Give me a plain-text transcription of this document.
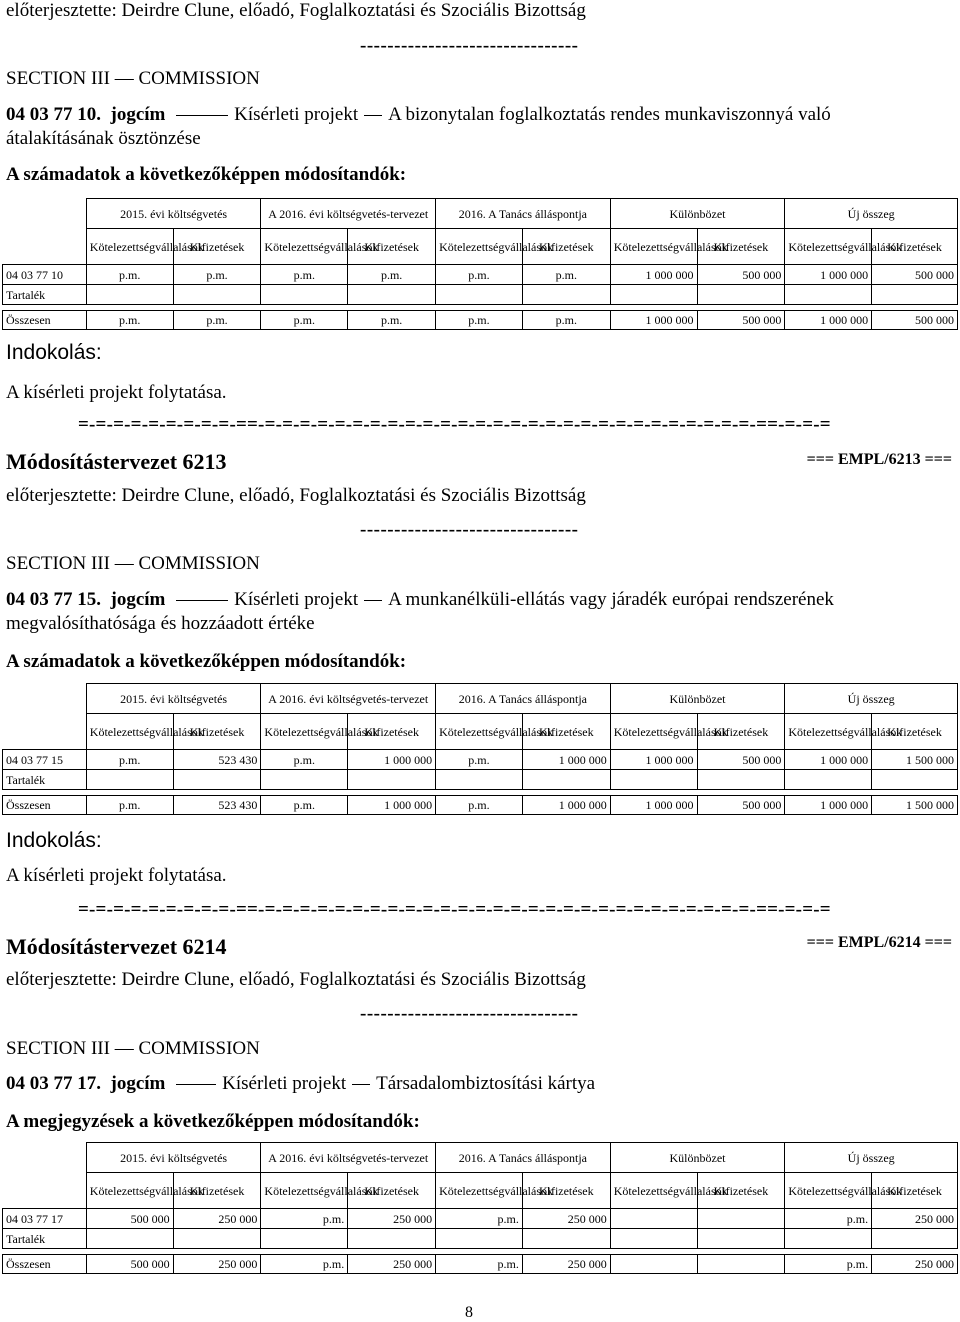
előterjesztette: Deirdre Clune, előadó, Foglalkoztatási és Szociális Bizottság
--------------------------------
SECTION III — COMMISSION
04 03 77 10. jogcím	Kísérleti projekt A bizonytalan foglalkoztatás rendes munkaviszonnyá való
átalakításának ösztönzése
A számadatok a következőképpen módosítandók:
	2015. évi költségvetés		A 2016. évi költségvetés-tervezet		2016. A Tanács álláspontja		Különbözet		Új összeg	
	Kötelezettségvállalások	Kifizetések	Kötelezettségvállalások	Kifizetések	Kötelezettségvállalások	Kifizetések	Kötelezettségvállalások	Kifizetések	Kötelezettségvállalások	Kifizetések
04 03 77 10	p.m.	p.m.	p.m.	p.m.	p.m.	p.m.	1 000 000	500 000	1 000 000	500 000
Tartalék										

Összesen	p.m.	p.m.	p.m.	p.m.	p.m.	p.m.	1 000 000	500 000	1 000 000	500 000
Indokolás:
A kísérleti projekt folytatása.
=-=-=-=-=-=-=-=-=-==-=-=-=-=-=-=-=-=-=-=-=-=-=-=-=-=-=-=-=-=-=-=-=-=-=-=-=-=-==-=-=-=
Módosítástervezet 6213	=== EMPL/6213 ===
előterjesztette: Deirdre Clune, előadó, Foglalkoztatási és Szociális Bizottság
--------------------------------
SECTION III — COMMISSION
04 03 77 15. jogcím	Kísérleti projekt A munkanélküli-ellátás vagy járadék európai rendszerének
megvalósíthatósága és hozzáadott értéke
A számadatok a következőképpen módosítandók:
	2015. évi költségvetés		A 2016. évi költségvetés-tervezet		2016. A Tanács álláspontja		Különbözet		Új összeg	
	Kötelezettségvállalások	Kifizetések	Kötelezettségvállalások	Kifizetések	Kötelezettségvállalások	Kifizetések	Kötelezettségvállalások	Kifizetések	Kötelezettségvállalások	Kifizetések
04 03 77 15	p.m.	523 430	p.m.	1 000 000	p.m.	1 000 000	1 000 000	500 000	1 000 000	1 500 000
Tartalék										

Összesen	p.m.	523 430	p.m.	1 000 000	p.m.	1 000 000	1 000 000	500 000	1 000 000	1 500 000
Indokolás:
A kísérleti projekt folytatása.
=-=-=-=-=-=-=-=-=-==-=-=-=-=-=-=-=-=-=-=-=-=-=-=-=-=-=-=-=-=-=-=-=-=-=-=-=-=-==-=-=-=
Módosítástervezet 6214	=== EMPL/6214 ===
előterjesztette: Deirdre Clune, előadó, Foglalkoztatási és Szociális Bizottság
--------------------------------
SECTION III — COMMISSION
04 03 77 17. jogcím	Kísérleti projekt Társadalombiztosítási kártya
A megjegyzések a következőképpen módosítandók:
	2015. évi költségvetés		A 2016. évi költségvetés-tervezet		2016. A Tanács álláspontja		Különbözet		Új összeg	
	Kötelezettségvállalások	Kifizetések	Kötelezettségvállalások	Kifizetések	Kötelezettségvállalások	Kifizetések	Kötelezettségvállalások	Kifizetések	Kötelezettségvállalások	Kifizetések
04 03 77 17	500 000	250 000	p.m.	250 000	p.m.	250 000			p.m.	250 000
Tartalék										

Összesen	500 000	250 000	p.m.	250 000	p.m.	250 000			p.m.	250 000
8
